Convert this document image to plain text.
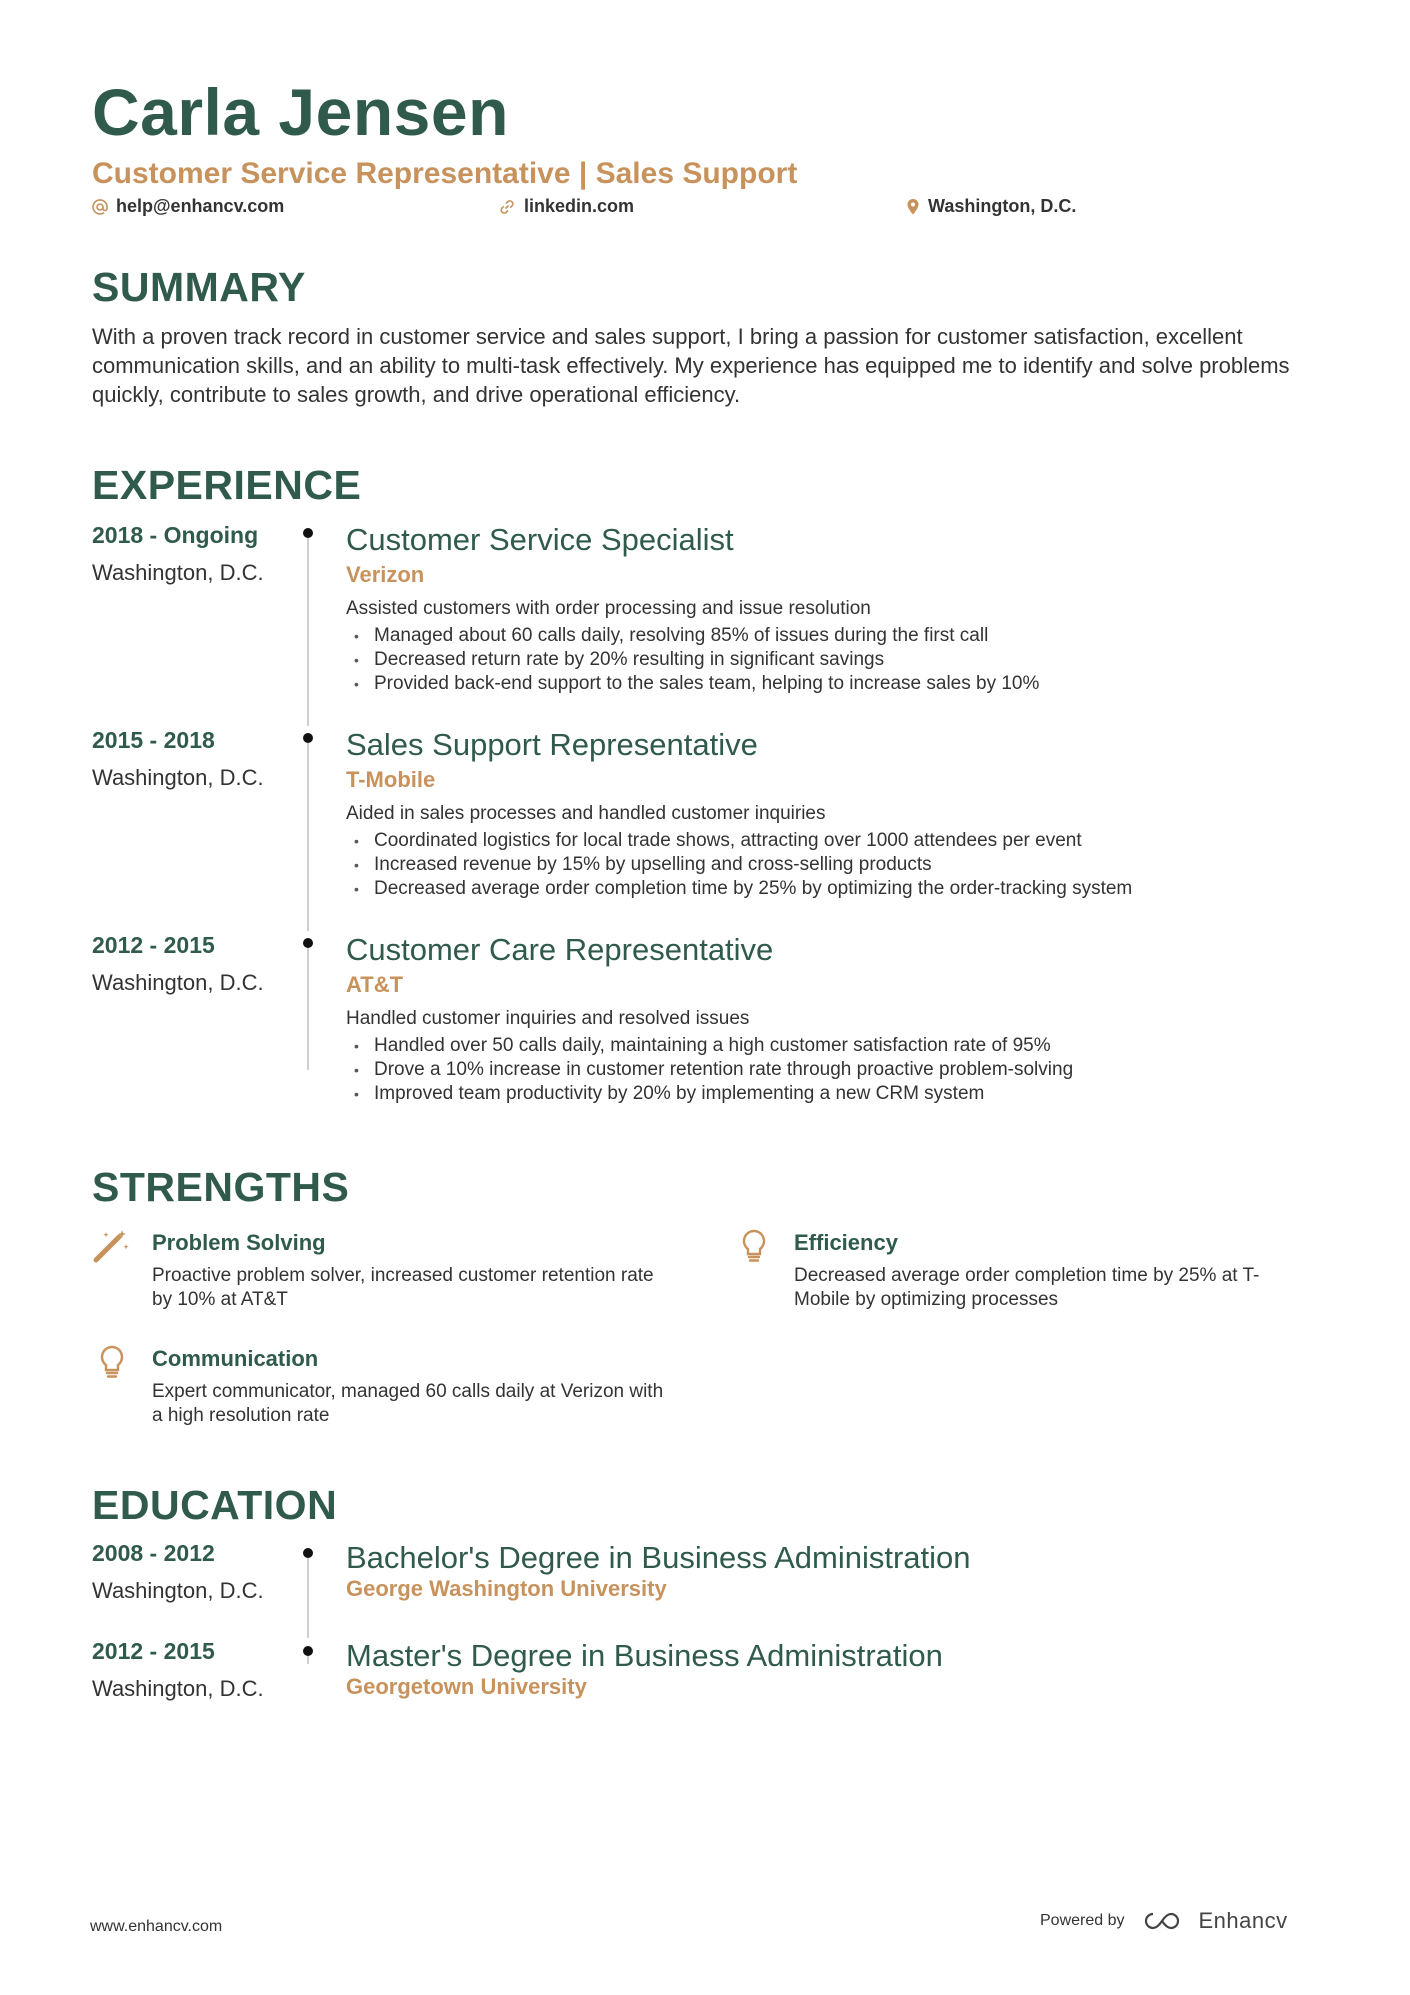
Carla Jensen
Customer Service Representative | Sales Support
help@enhancv.com	linkedin.com	Washington, D.C.
SUMMARY
With a proven track record in customer service and sales support, I bring a passion for customer satisfaction, excellent communication skills, and an ability to multi-task effectively. My experience has equipped me to identify and solve problems quickly, contribute to sales growth, and drive operational efficiency.
EXPERIENCE
2018 - Ongoing
Washington, D.C.
Customer Service Specialist
Verizon
Assisted customers with order processing and issue resolution
• Managed about 60 calls daily, resolving 85% of issues during the first call
• Decreased return rate by 20% resulting in significant savings
• Provided back-end support to the sales team, helping to increase sales by 10%
2015 - 2018
Washington, D.C.
Sales Support Representative
T-Mobile
Aided in sales processes and handled customer inquiries
• Coordinated logistics for local trade shows, attracting over 1000 attendees per event
• Increased revenue by 15% by upselling and cross-selling products
• Decreased average order completion time by 25% by optimizing the order-tracking system
2012 - 2015
Washington, D.C.
Customer Care Representative
AT&T
Handled customer inquiries and resolved issues
• Handled over 50 calls daily, maintaining a high customer satisfaction rate of 95%
• Drove a 10% increase in customer retention rate through proactive problem-solving
• Improved team productivity by 20% by implementing a new CRM system
STRENGTHS
Problem Solving
Proactive problem solver, increased customer retention rate by 10% at AT&T
Efficiency
Decreased average order completion time by 25% at T-Mobile by optimizing processes
Communication
Expert communicator, managed 60 calls daily at Verizon with a high resolution rate
EDUCATION
2008 - 2012
Washington, D.C.
Bachelor's Degree in Business Administration
George Washington University
2012 - 2015
Washington, D.C.
Master's Degree in Business Administration
Georgetown University
www.enhancv.com	Powered by	Enhancv
